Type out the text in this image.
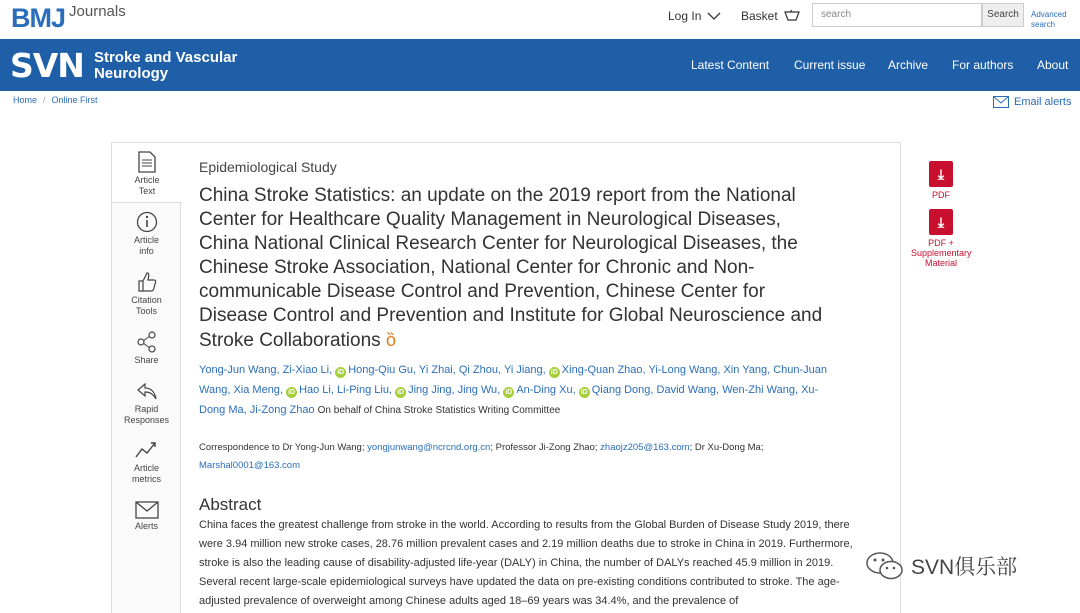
BMJ Journals	Log In	Basket	search	Search	Advanced
search
SVN Stroke and Vascular
Neurology	Latest Content Current issue Archive For authors About
Home / Online First	Email alerts
Article
Text
Article
info
Citation
Tools
Share
Rapid
Responses
Article
metrics
Alerts
Epidemiological Study
China Stroke Statistics: an update on the 2019 report from the National Center for Healthcare Quality Management in Neurological Diseases, China National Clinical Research Center for Neurological Diseases, the Chinese Stroke Association, National Center for Chronic and Non-communicable Disease Control and Prevention, Chinese Center for Disease Control and Prevention and Institute for Global Neuroscience and Stroke Collaborations ȍ
Yong-Jun Wang, Zi-Xiao Li, iD Hong-Qiu Gu, Yi Zhai, Qi Zhou, Yi Jiang, iD Xing-Quan Zhao, Yi-Long Wang, Xin Yang, Chun-Juan Wang, Xia Meng, iD Hao Li, Li-Ping Liu, iD Jing Jing, Jing Wu, iD An-Ding Xu, iD Qiang Dong, David Wang, Wen-Zhi Wang, Xu-Dong Ma, Ji-Zong Zhao On behalf of China Stroke Statistics Writing Committee
Correspondence to Dr Yong-Jun Wang; yongjunwang@ncrcnd.org.cn; Professor Ji-Zong Zhao; zhaojz205@163.com; Dr Xu-Dong Ma;
Marshal0001@163.com
Abstract
China faces the greatest challenge from stroke in the world. According to results from the Global Burden of Disease Study 2019, there were 3.94 million new stroke cases, 28.76 million prevalent cases and 2.19 million deaths due to stroke in China in 2019. Furthermore, stroke is also the leading cause of disability-adjusted life-year (DALY) in China, the number of DALYs reached 45.9 million in 2019. Several recent large-scale epidemiological surveys have updated the data on pre-existing conditions contributed to stroke. The age-adjusted prevalence of overweight among Chinese adults aged 18–69 years was 34.4%, and the prevalence of
⤓
PDF
⤓
PDF +
Supplementary
Material
SVN俱乐部
